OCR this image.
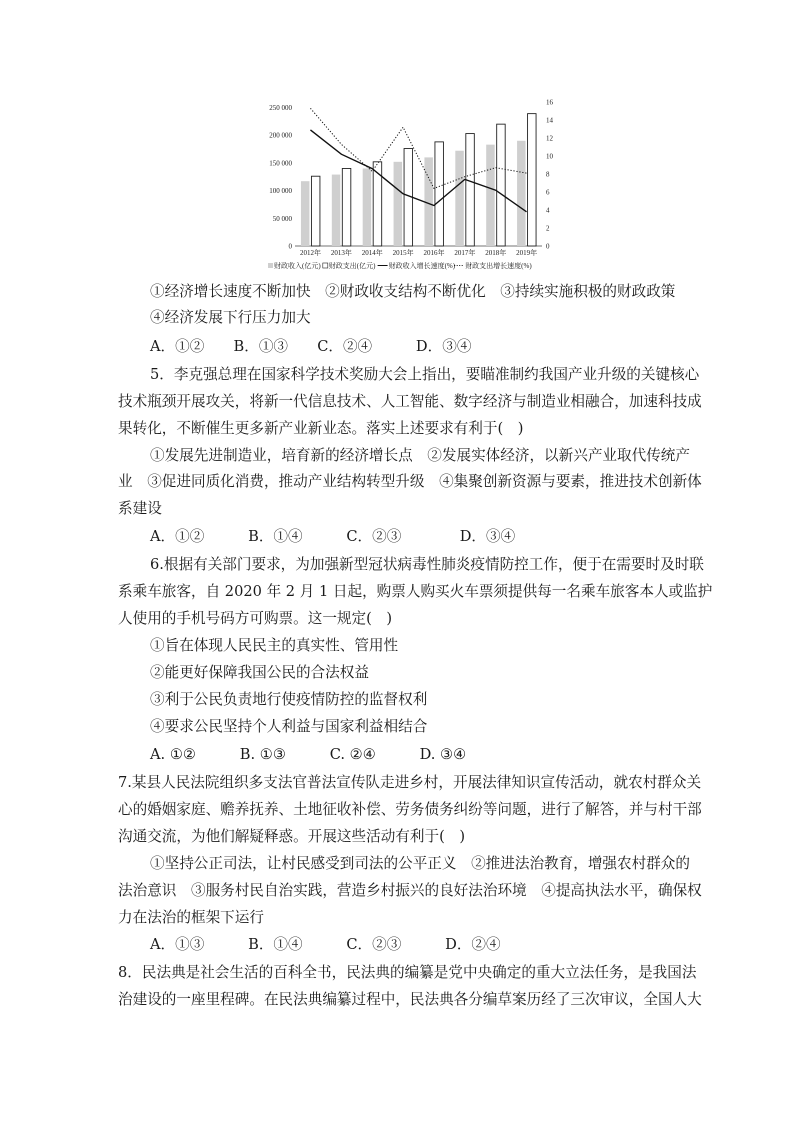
0
50 000
100 000
150 000
200 000
250 000
0
2
4
6
8
10
12
14
16
2012年 2013年 2014年 2015年 2016年 2017年 2018年 2019年
财政收入(亿元) 财政支出(亿元) 财政收入增长速度(%) 财政支出增长速度(%)
①经济增长速度不断加快　②财政收支结构不断优化　③持续实施积极的财政政策
④经济发展下行压力加大
A．①②　　B．①③　　C．②④　　　D．③④
5．李克强总理在国家科学技术奖励大会上指出，要瞄准制约我国产业升级的关键核心
技术瓶颈开展攻关，将新一代信息技术、人工智能、数字经济与制造业相融合，加速科技成
果转化，不断催生更多新产业新业态。落实上述要求有利于(　)
①发展先进制造业，培育新的经济增长点　②发展实体经济，以新兴产业取代传统产
业　③促进同质化消费，推动产业结构转型升级　④集聚创新资源与要素，推进技术创新体
系建设
A．①②　　　B．①④　　　C．②③　　　　D．③④
6.根据有关部门要求，为加强新型冠状病毒性肺炎疫情防控工作，便于在需要时及时联
系乘车旅客，自 2020 年 2 月 1 日起，购票人购买火车票须提供每一名乘车旅客本人或监护
人使用的手机号码方可购票。这一规定(　)
①旨在体现人民民主的真实性、管用性
②能更好保障我国公民的合法权益
③利于公民负责地行使疫情防控的监督权利
④要求公民坚持个人利益与国家利益相结合
A. ①②　　　B. ①③　　　C. ②④　　　D. ③④
7.某县人民法院组织多支法官普法宣传队走进乡村，开展法律知识宣传活动，就农村群众关
心的婚姻家庭、赡养抚养、土地征收补偿、劳务债务纠纷等问题，进行了解答，并与村干部
沟通交流，为他们解疑释惑。开展这些活动有利于(　)
①坚持公正司法，让村民感受到司法的公平正义　②推进法治教育，增强农村群众的
法治意识　③服务村民自治实践，营造乡村振兴的良好法治环境　④提高执法水平，确保权
力在法治的框架下运行
A．①③　　　B．①④　　　C．②③　　　D．②④
8．民法典是社会生活的百科全书，民法典的编纂是党中央确定的重大立法任务，是我国法
治建设的一座里程碑。在民法典编纂过程中，民法典各分编草案历经了三次审议，全国人大
